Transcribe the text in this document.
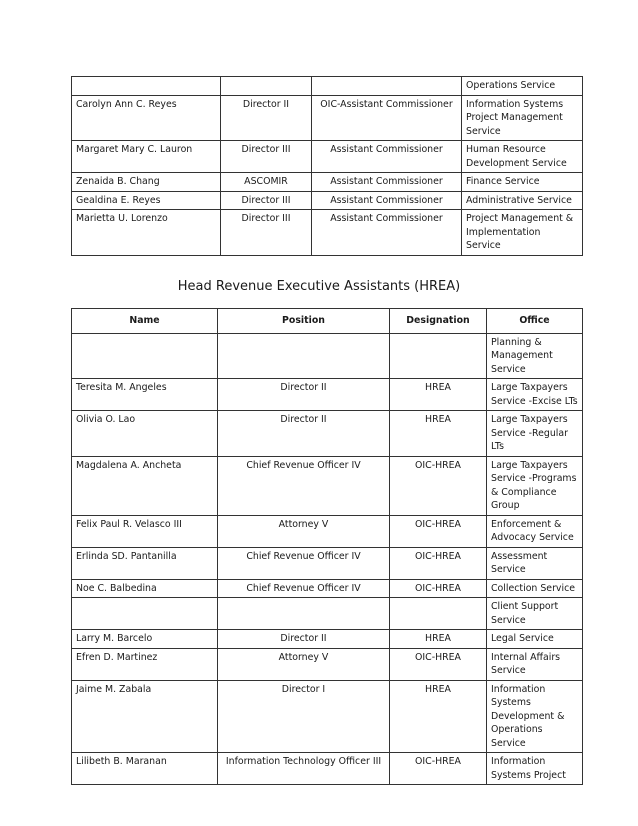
			Operations Service
Carolyn Ann C. Reyes	Director II	OIC-Assistant Commissioner	Information Systems Project Management Service
Margaret Mary C. Lauron	Director III	Assistant Commissioner	Human Resource Development Service
Zenaida B. Chang	ASCOMIR	Assistant Commissioner	Finance Service
Gealdina E. Reyes	Director III	Assistant Commissioner	Administrative Service
Marietta U. Lorenzo	Director III	Assistant Commissioner	Project Management & Implementation Service
Head Revenue Executive Assistants (HREA)
Name	Position	Designation	Office
			Planning & Management Service
Teresita M. Angeles	Director II	HREA	Large Taxpayers Service -Excise LTs
Olivia O. Lao	Director II	HREA	Large Taxpayers Service -Regular LTs
Magdalena A. Ancheta	Chief Revenue Officer IV	OIC-HREA	Large Taxpayers Service -Programs & Compliance Group
Felix Paul R. Velasco III	Attorney V	OIC-HREA	Enforcement & Advocacy Service
Erlinda SD. Pantanilla	Chief Revenue Officer IV	OIC-HREA	Assessment Service
Noe C. Balbedina	Chief Revenue Officer IV	OIC-HREA	Collection Service
			Client Support Service
Larry M. Barcelo	Director II	HREA	Legal Service
Efren D. Martinez	Attorney V	OIC-HREA	Internal Affairs Service
Jaime M. Zabala	Director I	HREA	Information Systems Development & Operations Service
Lilibeth B. Maranan	Information Technology Officer III	OIC-HREA	Information Systems Project
